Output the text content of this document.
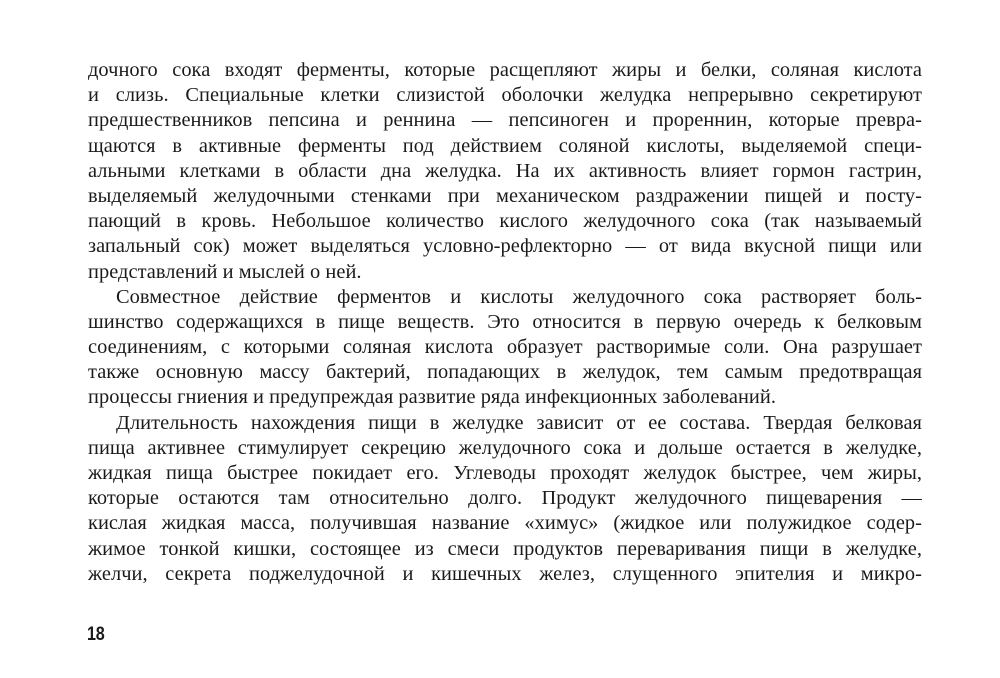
дочного сока входят ферменты, которые расщепляют жиры и белки, соляная кислота
и слизь. Специальные клетки слизистой оболочки желудка непрерывно секретируют
предшественников пепсина и реннина — пепсиноген и прореннин, которые превра-
щаются в активные ферменты под действием соляной кислоты, выделяемой специ-
альными клетками в области дна желудка. На их активность влияет гормон гастрин,
выделяемый желудочными стенками при механическом раздражении пищей и посту-
пающий в кровь. Небольшое количество кислого желудочного сока (так называемый
запальный сок) может выделяться условно-рефлекторно — от вида вкусной пищи или
представлений и мыслей о ней.

Совместное действие ферментов и кислоты желудочного сока растворяет боль-
шинство содержащихся в пище веществ. Это относится в первую очередь к белковым
соединениям, с которыми соляная кислота образует растворимые соли. Она разрушает
также основную массу бактерий, попадающих в желудок, тем самым предотвращая
процессы гниения и предупреждая развитие ряда инфекционных заболеваний.

Длительность нахождения пищи в желудке зависит от ее состава. Твердая белковая
пища активнее стимулирует секрецию желудочного сока и дольше остается в желудке,
жидкая пища быстрее покидает его. Углеводы проходят желудок быстрее, чем жиры,
которые остаются там относительно долго. Продукт желудочного пищеварения —
кислая жидкая масса, получившая название «химус» (жидкое или полужидкое содер-
жимое тонкой кишки, состоящее из смеси продуктов переваривания пищи в желудке,
желчи, секрета поджелудочной и кишечных желез, слущенного эпителия и микро-

18
